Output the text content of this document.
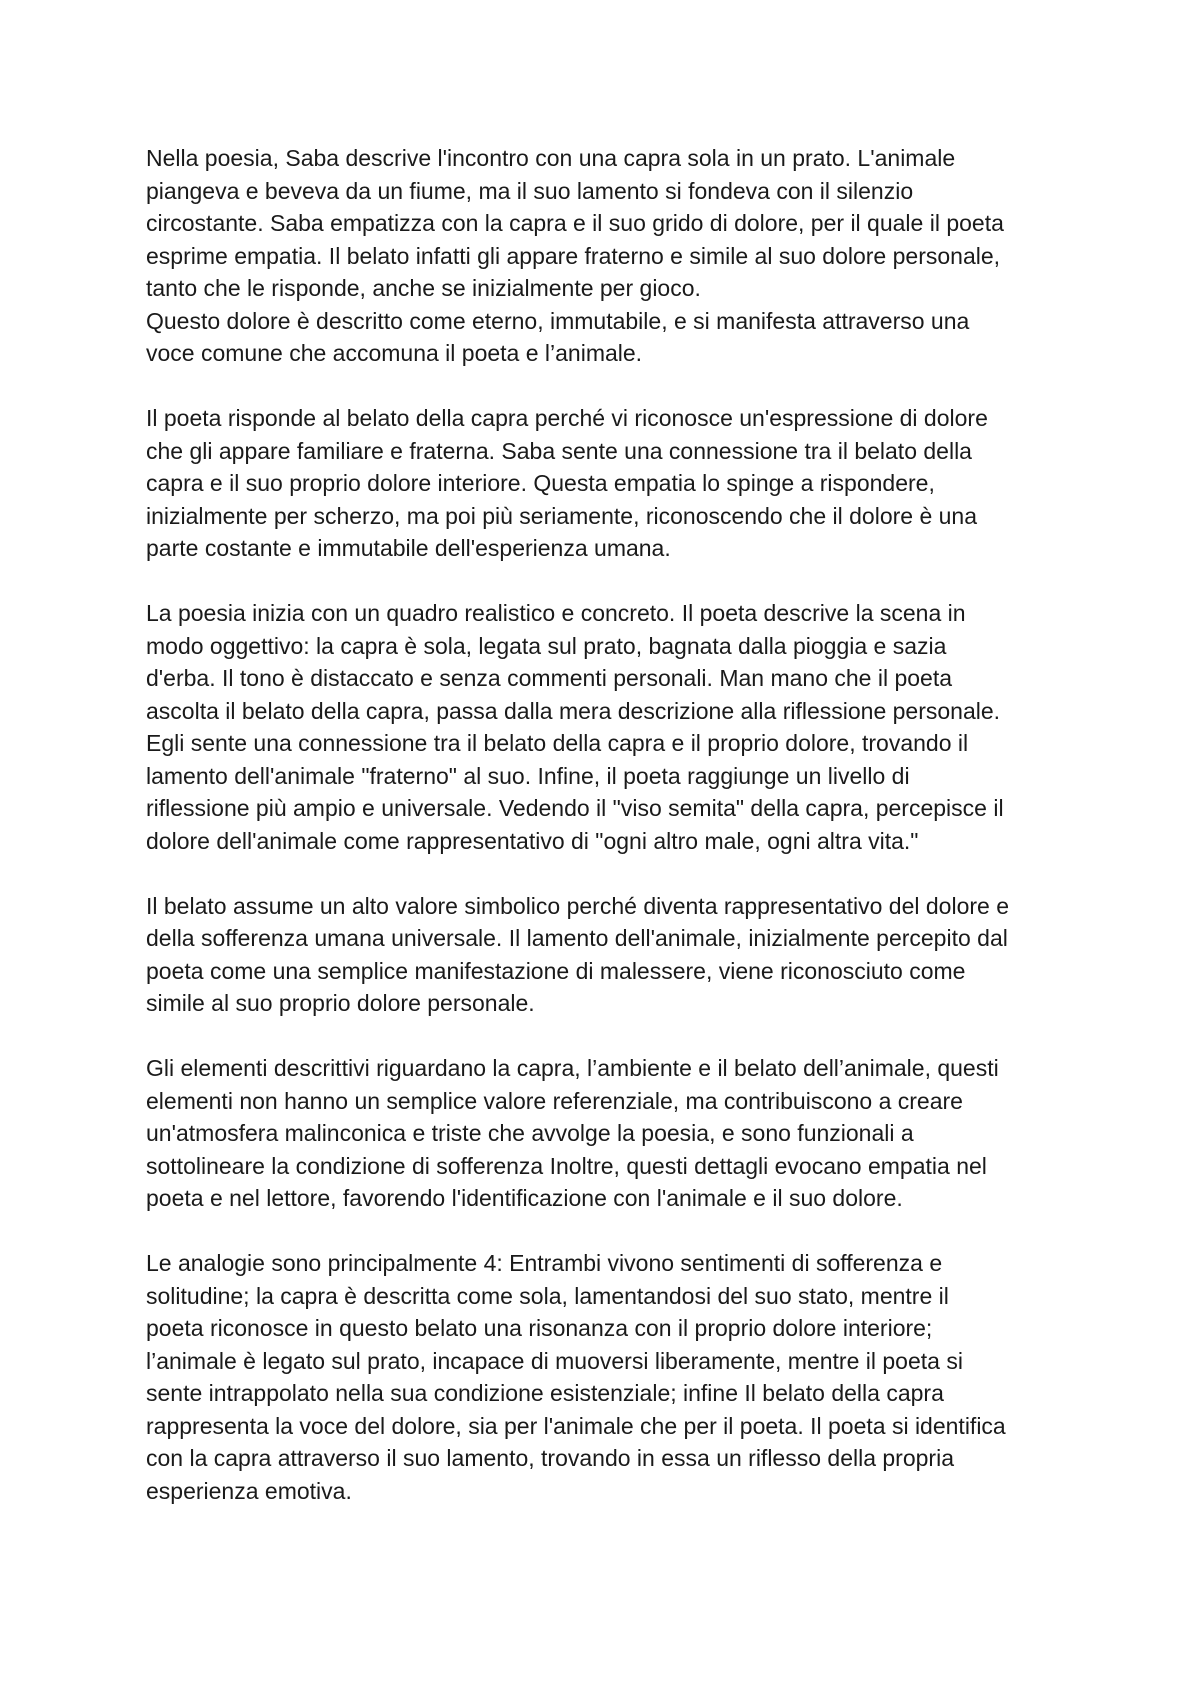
Nella poesia, Saba descrive l'incontro con una capra sola in un prato. L'animale
piangeva e beveva da un fiume, ma il suo lamento si fondeva con il silenzio
circostante. Saba empatizza con la capra e il suo grido di dolore, per il quale il poeta
esprime empatia. Il belato infatti gli appare fraterno e simile al suo dolore personale,
tanto che le risponde, anche se inizialmente per gioco.
Questo dolore è descritto come eterno, immutabile, e si manifesta attraverso una
voce comune che accomuna il poeta e l’animale.

Il poeta risponde al belato della capra perché vi riconosce un'espressione di dolore
che gli appare familiare e fraterna. Saba sente una connessione tra il belato della
capra e il suo proprio dolore interiore. Questa empatia lo spinge a rispondere,
inizialmente per scherzo, ma poi più seriamente, riconoscendo che il dolore è una
parte costante e immutabile dell'esperienza umana.

La poesia inizia con un quadro realistico e concreto. Il poeta descrive la scena in
modo oggettivo: la capra è sola, legata sul prato, bagnata dalla pioggia e sazia
d'erba. Il tono è distaccato e senza commenti personali. Man mano che il poeta
ascolta il belato della capra, passa dalla mera descrizione alla riflessione personale.
Egli sente una connessione tra il belato della capra e il proprio dolore, trovando il
lamento dell'animale "fraterno" al suo. Infine, il poeta raggiunge un livello di
riflessione più ampio e universale. Vedendo il "viso semita" della capra, percepisce il
dolore dell'animale come rappresentativo di "ogni altro male, ogni altra vita."

Il belato assume un alto valore simbolico perché diventa rappresentativo del dolore e
della sofferenza umana universale. Il lamento dell'animale, inizialmente percepito dal
poeta come una semplice manifestazione di malessere, viene riconosciuto come
simile al suo proprio dolore personale.

Gli elementi descrittivi riguardano la capra, l’ambiente e il belato dell’animale, questi
elementi non hanno un semplice valore referenziale, ma contribuiscono a creare
un'atmosfera malinconica e triste che avvolge la poesia, e sono funzionali a
sottolineare la condizione di sofferenza Inoltre, questi dettagli evocano empatia nel
poeta e nel lettore, favorendo l'identificazione con l'animale e il suo dolore.

Le analogie sono principalmente 4: Entrambi vivono sentimenti di sofferenza e
solitudine; la capra è descritta come sola, lamentandosi del suo stato, mentre il
poeta riconosce in questo belato una risonanza con il proprio dolore interiore;
l’animale è legato sul prato, incapace di muoversi liberamente, mentre il poeta si
sente intrappolato nella sua condizione esistenziale; infine Il belato della capra
rappresenta la voce del dolore, sia per l'animale che per il poeta. Il poeta si identifica
con la capra attraverso il suo lamento, trovando in essa un riflesso della propria
esperienza emotiva.
